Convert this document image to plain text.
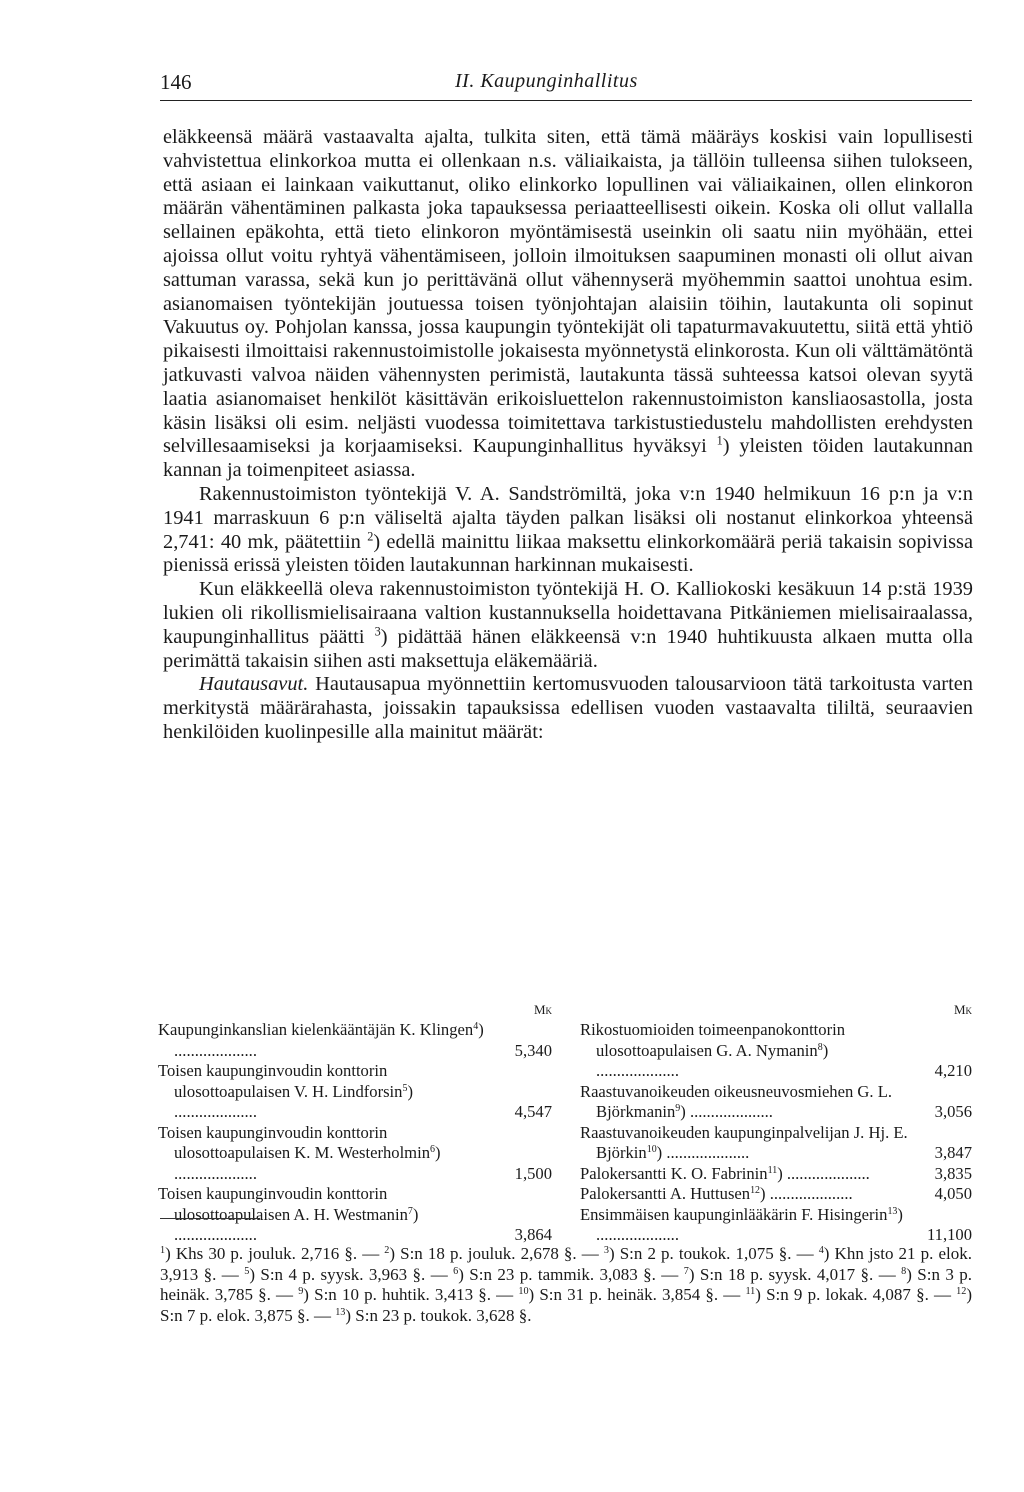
146	II. Kaupunginhallitus

eläkkeensä määrä vastaavalta ajalta, tulkita siten, että tämä määräys koskisi vain lopullisesti vahvistettua elinkorkoa mutta ei ollenkaan n.s. väliaikaista, ja tällöin tulleensa siihen tulokseen, että asiaan ei lainkaan vaikuttanut, oliko elinkorko lopullinen vai väliaikainen, ollen elinkoron määrän vähentäminen palkasta joka tapauksessa periaatteellisesti oikein. Koska oli ollut vallalla sellainen epäkohta, että tieto elinkoron myöntämisestä useinkin oli saatu niin myöhään, ettei ajoissa ollut voitu ryhtyä vähentämiseen, jolloin ilmoituksen saapuminen monasti oli ollut aivan sattuman varassa, sekä kun jo perittävänä ollut vähennyserä myöhemmin saattoi unohtua esim. asianomaisen työntekijän joutuessa toisen työnjohtajan alaisiin töihin, lautakunta oli sopinut Vakuutus oy. Pohjolan kanssa, jossa kaupungin työntekijät oli tapaturmavakuutettu, siitä että yhtiö pikaisesti ilmoittaisi rakennustoimistolle jokaisesta myönnetystä elinkorosta. Kun oli välttämätöntä jatkuvasti valvoa näiden vähennysten perimistä, lautakunta tässä suhteessa katsoi olevan syytä laatia asianomaiset henkilöt käsittävän erikoisluettelon rakennustoimiston kansliaosastolla, josta käsin lisäksi oli esim. neljästi vuodessa toimitettava tarkistustiedustelu mahdollisten erehdysten selvillesaamiseksi ja korjaamiseksi. Kaupunginhallitus hyväksyi $^1$) yleisten töiden lautakunnan kannan ja toimenpiteet asiassa.

Rakennustoimiston työntekijä V. A. Sandströmiltä, joka v:n 1940 helmikuun 16 p:n ja v:n 1941 marraskuun 6 p:n väliseltä ajalta täyden palkan lisäksi oli nostanut elinkorkoa yhteensä 2,741: 40 mk, päätettiin $^2$) edellä mainittu liikaa maksettu elinkorkomäärä periä takaisin sopivissa pienissä erissä yleisten töiden lautakunnan harkinnan mukaisesti.

Kun eläkkeellä oleva rakennustoimiston työntekijä H. O. Kalliokoski kesäkuun 14 p:stä 1939 lukien oli rikollismielisairaana valtion kustannuksella hoidettavana Pitkäniemen mielisairaalassa, kaupunginhallitus päätti $^3$) pidättää hänen eläkkeensä v:n 1940 huhtikuusta alkaen mutta olla perimättä takaisin siihen asti maksettuja eläkemääriä.

Hautausavut. Hautausapua myönnettiin kertomusvuoden talousarvioon tätä tarkoitusta varten merkitystä määrärahasta, joissakin tapauksissa edellisen vuoden vastaavalta tililtä, seuraavien henkilöiden kuolinpesille alla mainitut määrät:

Mk
Kaupunginkanslian kielenkääntäjän K. Klingen$^4$) ....................	5,340
Toisen kaupunginvoudin konttorin ulosottoapulaisen V. H. Lindforsin$^5$) ....................	4,547
Toisen kaupunginvoudin konttorin ulosottoapulaisen K. M. Westerholmin$^6$) ....................	1,500
Toisen kaupunginvoudin konttorin ulosottoapulaisen A. H. Westmanin$^7$) ....................	3,864
Mk
Rikostuomioiden toimeenpanokonttorin ulosottoapulaisen G. A. Nymanin$^8$) ....................	4,210
Raastuvanoikeuden oikeusneuvosmiehen G. L. Björkmanin$^9$) ....................	3,056
Raastuvanoikeuden kaupunginpalvelijan J. Hj. E. Björkin$^{10}$) ....................	3,847
Palokersantti K. O. Fabrinin$^{11}$) ....................	3,835
Palokersantti A. Huttusen$^{12}$) ....................	4,050
Ensimmäisen kaupunginlääkärin F. Hisingerin$^{13}$) ....................	11,100

$^1$) Khs 30 p. jouluk. 2,716 §. — $^2$) S:n 18 p. jouluk. 2,678 §. — $^3$) S:n 2 p. toukok. 1,075 §. — $^4$) Khn jsto 21 p. elok. 3,913 §. — $^5$) S:n 4 p. syysk. 3,963 §. — $^6$) S:n 23 p. tammik. 3,083 §. — $^7$) S:n 18 p. syysk. 4,017 §. — $^8$) S:n 3 p. heinäk. 3,785 §. — $^9$) S:n 10 p. huhtik. 3,413 §. — $^{10}$) S:n 31 p. heinäk. 3,854 §. — $^{11}$) S:n 9 p. lokak. 4,087 §. — $^{12}$) S:n 7 p. elok. 3,875 §. — $^{13}$) S:n 23 p. toukok. 3,628 §.
